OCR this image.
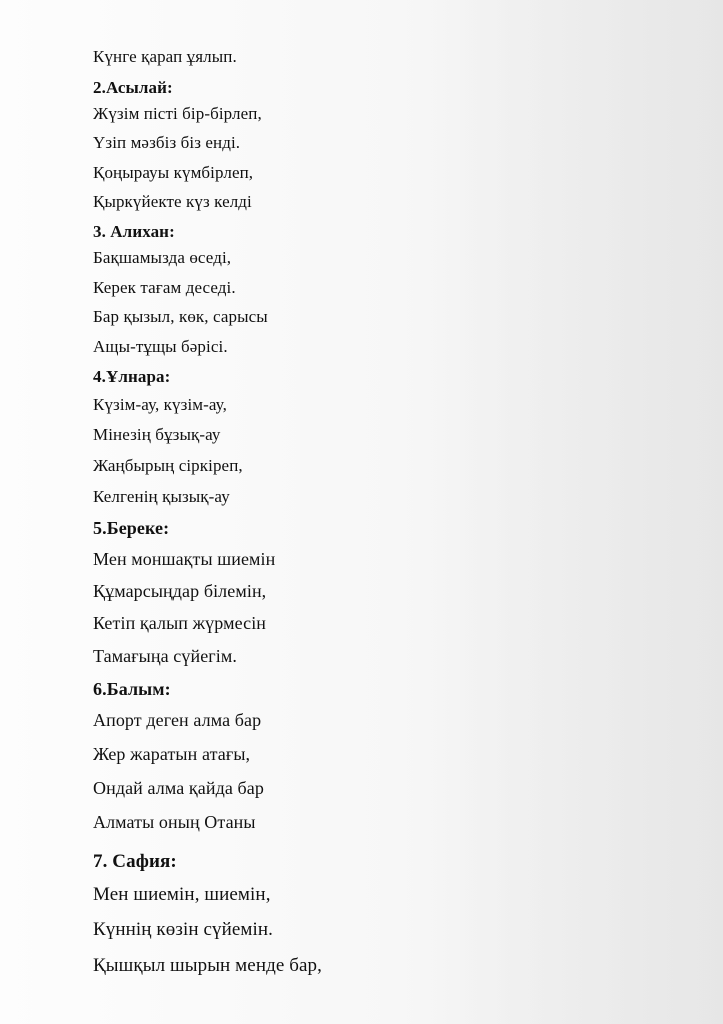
Күнге қарап ұялып.
2.Асылай:
Жүзім пісті бір-бірлеп,
Үзіп мәзбіз біз енді.
Қоңырауы күмбірлеп,
Қыркүйекте күз келді
3. Алихан:
Бақшамызда өседі,
Керек тағам деседі.
Бар қызыл, көк, сарысы
Ащы-тұщы бәрісі.
4.Ұлнара:
Күзім-ау, күзім-ау,
Мінезің бұзық-ау
Жаңбырың сіркіреп,
Келгенің қызық-ау
5.Береке:
Мен моншақты шиемін
Құмарсыңдар білемін,
Кетіп қалып жүрмесін
Тамағыңа сүйегім.
6.Балым:
Апорт деген алма бар
Жер жаратын атағы,
Ондай алма қайда бар
Алматы оның Отаны
7. Сафия:
Мен шиемін, шиемін,
Күннің көзін сүйемін.
Қышқыл шырын менде бар,
